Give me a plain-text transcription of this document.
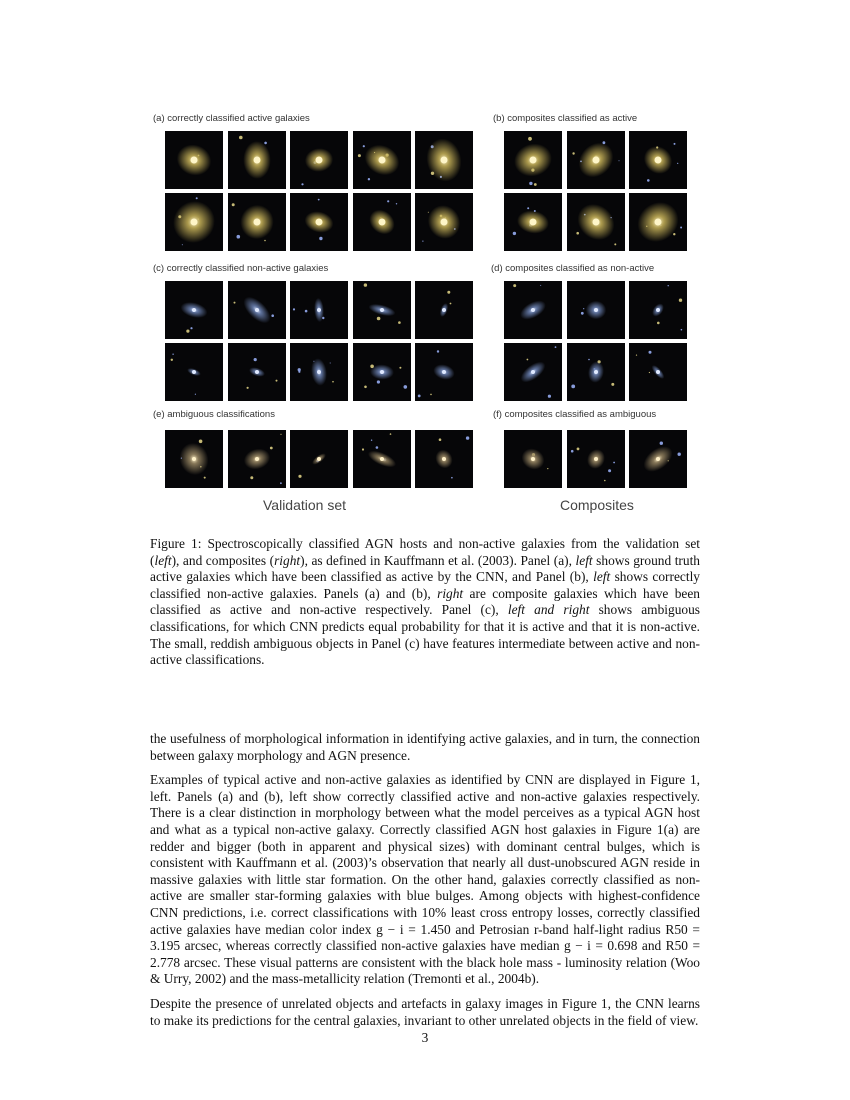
(a) correctly classified active galaxies	(b) composites classified as active
(c) correctly classified non-active galaxies	(d) composites classified as non-active
(e) ambiguous classifications	(f) composites classified as ambiguous
Validation set	Composites
Figure 1: Spectroscopically classified AGN hosts and non-active galaxies from the validation set (left), and composites (right), as defined in Kauffmann et al. (2003). Panel (a), left shows ground truth active galaxies which have been classified as active by the CNN, and Panel (b), left shows correctly classified non-active galaxies. Panels (a) and (b), right are composite galaxies which have been classified as active and non-active respectively. Panel (c), left and right shows ambiguous classifications, for which CNN predicts equal probability for that it is active and that it is non-active. The small, reddish ambiguous objects in Panel (c) have features intermediate between active and non-active classifications.

the usefulness of morphological information in identifying active galaxies, and in turn, the connection between galaxy morphology and AGN presence.

Examples of typical active and non-active galaxies as identified by CNN are displayed in Figure 1, left. Panels (a) and (b), left show correctly classified active and non-active galaxies respectively. There is a clear distinction in morphology between what the model perceives as a typical AGN host and what as a typical non-active galaxy. Correctly classified AGN host galaxies in Figure 1(a) are redder and bigger (both in apparent and physical sizes) with dominant central bulges, which is consistent with Kauffmann et al. (2003)’s observation that nearly all dust-unobscured AGN reside in massive galaxies with little star formation. On the other hand, galaxies correctly classified as non-active are smaller star-forming galaxies with blue bulges. Among objects with highest-confidence CNN predictions, i.e. correct classifications with 10% least cross entropy losses, correctly classified active galaxies have median color index g − i = 1.450 and Petrosian r-band half-light radius R50 = 3.195 arcsec, whereas correctly classified non-active galaxies have median g − i = 0.698 and R50 = 2.778 arcsec. These visual patterns are consistent with the black hole mass - luminosity relation (Woo & Urry, 2002) and the mass-metallicity relation (Tremonti et al., 2004b).

Despite the presence of unrelated objects and artefacts in galaxy images in Figure 1, the CNN learns to make its predictions for the central galaxies, invariant to other unrelated objects in the field of view.

3
